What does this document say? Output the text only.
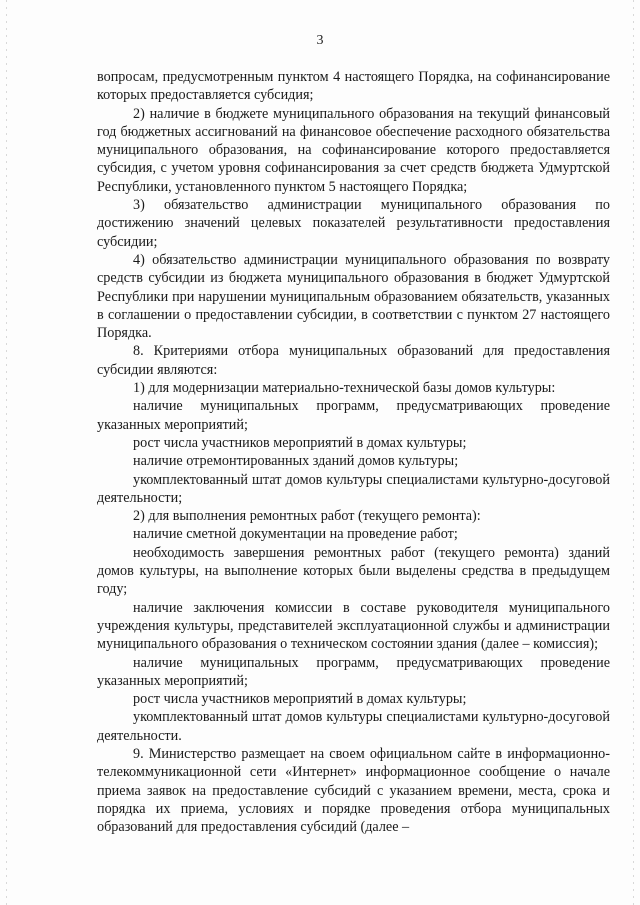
3

вопросам, предусмотренным пунктом 4 настоящего Порядка, на софинансирование которых предоставляется субсидия;

2) наличие в бюджете муниципального образования на текущий финансовый год бюджетных ассигнований на финансовое обеспечение расходного обязательства муниципального образования, на софинансирование которого предоставляется субсидия, с учетом уровня софинансирования за счет средств бюджета Удмуртской Республики, установленного пунктом 5 настоящего Порядка;

3) обязательство администрации муниципального образования по достижению значений целевых показателей результативности предоставления субсидии;

4) обязательство администрации муниципального образования по возврату средств субсидии из бюджета муниципального образования в бюджет Удмуртской Республики при нарушении муниципальным образованием обязательств, указанных в соглашении о предоставлении субсидии, в соответствии с пунктом 27 настоящего Порядка.

8. Критериями отбора муниципальных образований для предоставления субсидии являются:

1) для модернизации материально-технической базы домов культуры:

наличие муниципальных программ, предусматривающих проведение указанных мероприятий;

рост числа участников мероприятий в домах культуры;

наличие отремонтированных зданий домов культуры;

укомплектованный штат домов культуры специалистами культурно-досуговой деятельности;

2) для выполнения ремонтных работ (текущего ремонта):

наличие сметной документации на проведение работ;

необходимость завершения ремонтных работ (текущего ремонта) зданий домов культуры, на выполнение которых были выделены средства в предыдущем году;

наличие заключения комиссии в составе руководителя муниципального учреждения культуры, представителей эксплуатационной службы и администрации муниципального образования о техническом состоянии здания (далее – комиссия);

наличие муниципальных программ, предусматривающих проведение указанных мероприятий;

рост числа участников мероприятий в домах культуры;

укомплектованный штат домов культуры специалистами культурно-досуговой деятельности.

9. Министерство размещает на своем официальном сайте в информационно-телекоммуникационной сети «Интернет» информационное сообщение о начале приема заявок на предоставление субсидий с указанием времени, места, срока и порядка их приема, условиях и порядке проведения отбора муниципальных образований для предоставления субсидий (далее –
